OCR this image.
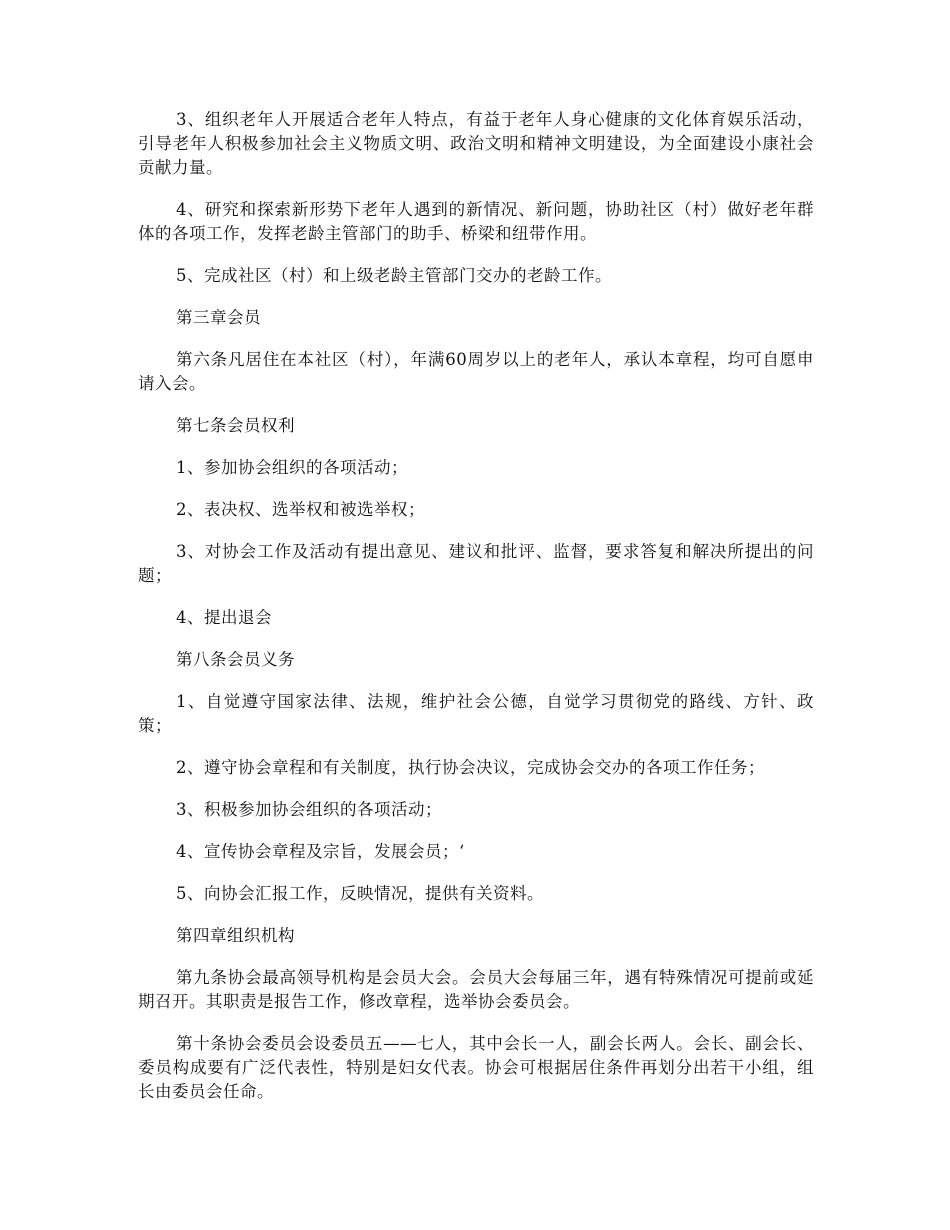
3、组织老年人开展适合老年人特点，有益于老年人身心健康的文化体育娱乐活动，引导老年人积极参加社会主义物质文明、政治文明和精神文明建设，为全面建设小康社会贡献力量。

4、研究和探索新形势下老年人遇到的新情况、新问题，协助社区（村）做好老年群体的各项工作，发挥老龄主管部门的助手、桥梁和纽带作用。

5、完成社区（村）和上级老龄主管部门交办的老龄工作。

第三章会员

第六条凡居住在本社区（村），年满60周岁以上的老年人，承认本章程，均可自愿申请入会。

第七条会员权利

1、参加协会组织的各项活动；

2、表决权、选举权和被选举权；

3、对协会工作及活动有提出意见、建议和批评、监督，要求答复和解决所提出的问题；

4、提出退会

第八条会员义务

1、自觉遵守国家法律、法规，维护社会公德，自觉学习贯彻党的路线、方针、政策；

2、遵守协会章程和有关制度，执行协会决议，完成协会交办的各项工作任务；

3、积极参加协会组织的各项活动；

4、宣传协会章程及宗旨，发展会员；‘

5、向协会汇报工作，反映情况，提供有关资料。

第四章组织机构

第九条协会最高领导机构是会员大会。会员大会每届三年，遇有特殊情况可提前或延期召开。其职责是报告工作，修改章程，选举协会委员会。

第十条协会委员会设委员五——七人，其中会长一人，副会长两人。会长、副会长、委员构成要有广泛代表性，特别是妇女代表。协会可根据居住条件再划分出若干小组，组长由委员会任命。
